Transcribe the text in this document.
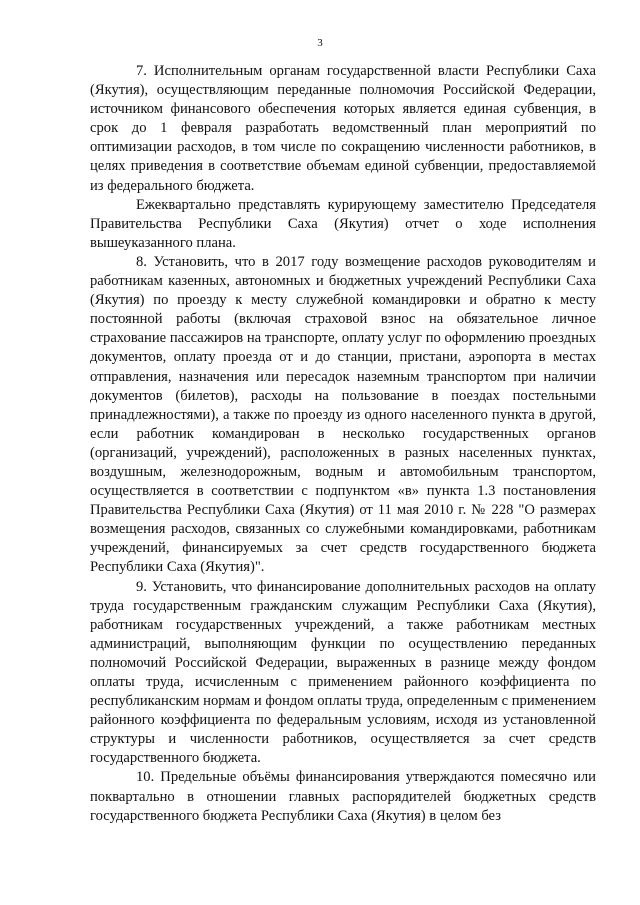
3

7. Исполнительным органам государственной власти Республики Саха (Якутия), осуществляющим переданные полномочия Российской Федерации, источником финансового обеспечения которых является единая субвенция, в срок до 1 февраля разработать ведомственный план мероприятий по оптимизации расходов, в том числе по сокращению численности работников, в целях приведения в соответствие объемам единой субвенции, предоставляемой из федерального бюджета.

Ежеквартально представлять курирующему заместителю Председателя Правительства Республики Саха (Якутия) отчет о ходе исполнения вышеуказанного плана.

8. Установить, что в 2017 году возмещение расходов руководителям и работникам казенных, автономных и бюджетных учреждений Республики Саха (Якутия) по проезду к месту служебной командировки и обратно к месту постоянной работы (включая страховой взнос на обязательное личное страхование пассажиров на транспорте, оплату услуг по оформлению проездных документов, оплату проезда от и до станции, пристани, аэропорта в местах отправления, назначения или пересадок наземным транспортом при наличии документов (билетов), расходы на пользование в поездах постельными принадлежностями), а также по проезду из одного населенного пункта в другой, если работник командирован в несколько государственных органов (организаций, учреждений), расположенных в разных населенных пунктах, воздушным, железнодорожным, водным и автомобильным транспортом, осуществляется в соответствии с подпунктом «в» пункта 1.3 постановления Правительства Республики Саха (Якутия) от 11 мая 2010 г. № 228 "О размерах возмещения расходов, связанных со служебными командировками, работникам учреждений, финансируемых за счет средств государственного бюджета Республики Саха (Якутия)".

9. Установить, что финансирование дополнительных расходов на оплату труда государственным гражданским служащим Республики Саха (Якутия), работникам государственных учреждений, а также работникам местных администраций, выполняющим функции по осуществлению переданных полномочий Российской Федерации, выраженных в разнице между фондом оплаты труда, исчисленным с применением районного коэффициента по республиканским нормам и фондом оплаты труда, определенным с применением районного коэффициента по федеральным условиям, исходя из установленной структуры и численности работников, осуществляется за счет средств государственного бюджета.

10. Предельные объёмы финансирования утверждаются помесячно или поквартально в отношении главных распорядителей бюджетных средств государственного бюджета Республики Саха (Якутия) в целом без
